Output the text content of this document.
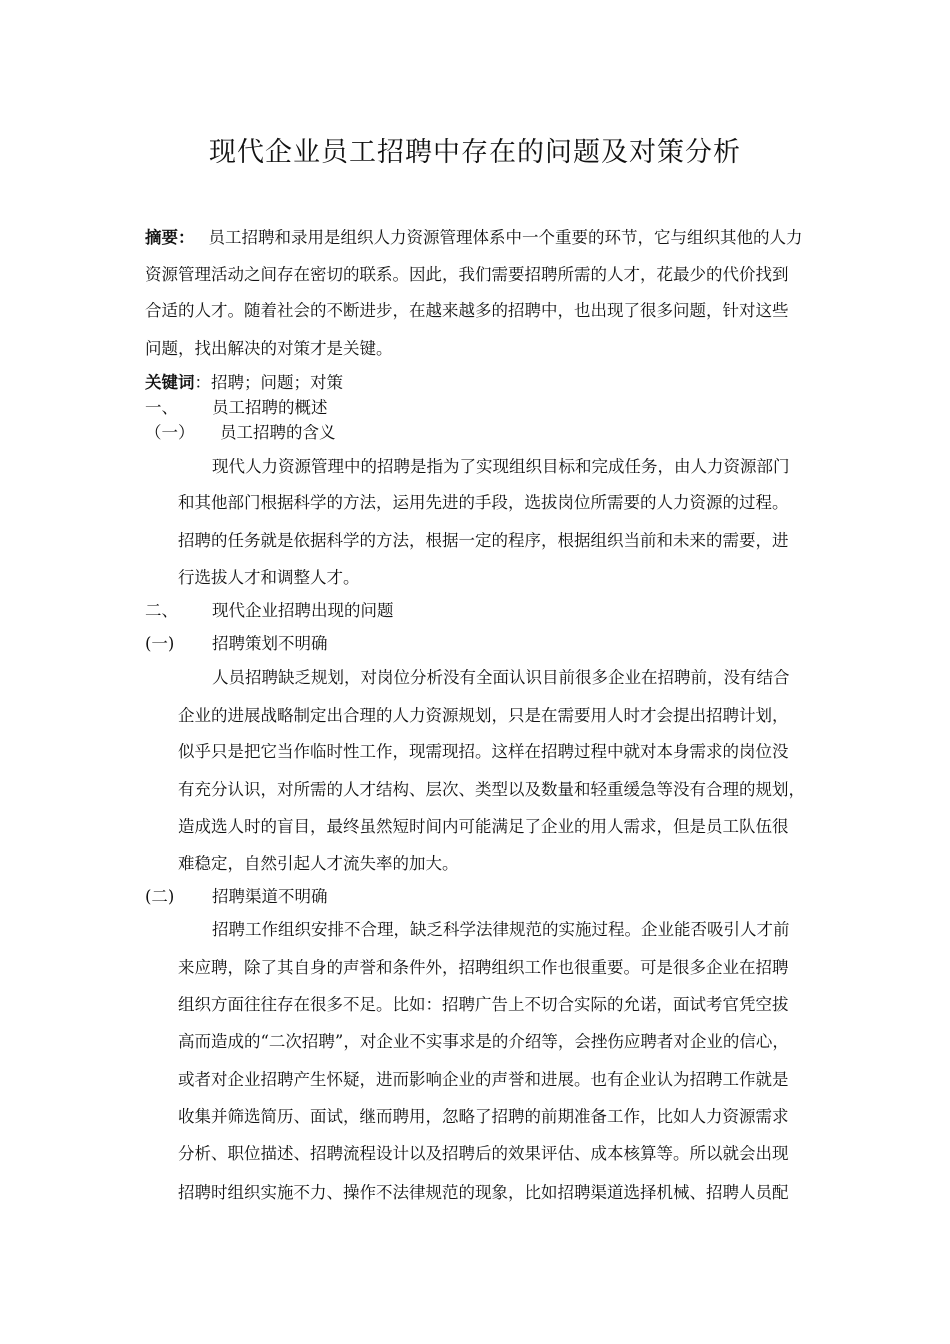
现代企业员工招聘中存在的问题及对策分析
摘要： 员工招聘和录用是组织人力资源管理体系中一个重要的环节，它与组织其他的人力
资源管理活动之间存在密切的联系。因此，我们需要招聘所需的人才，花最少的代价找到
合适的人才。随着社会的不断进步，在越来越多的招聘中，也出现了很多问题，针对这些
问题，找出解决的对策才是关键。
关键词：招聘；问题；对策
一、 员工招聘的概述
（一） 员工招聘的含义
现代人力资源管理中的招聘是指为了实现组织目标和完成任务，由人力资源部门
和其他部门根据科学的方法，运用先进的手段，选拔岗位所需要的人力资源的过程。
招聘的任务就是依据科学的方法，根据一定的程序，根据组织当前和未来的需要，进
行选拔人才和调整人才。
二、 现代企业招聘出现的问题
(一) 招聘策划不明确
人员招聘缺乏规划，对岗位分析没有全面认识目前很多企业在招聘前，没有结合
企业的进展战略制定出合理的人力资源规划，只是在需要用人时才会提出招聘计划，
似乎只是把它当作临时性工作，现需现招。这样在招聘过程中就对本身需求的岗位没
有充分认识，对所需的人才结构、层次、类型以及数量和轻重缓急等没有合理的规划，
造成选人时的盲目，最终虽然短时间内可能满足了企业的用人需求，但是员工队伍很
难稳定，自然引起人才流失率的加大。
(二) 招聘渠道不明确
招聘工作组织安排不合理，缺乏科学法律规范的实施过程。企业能否吸引人才前
来应聘，除了其自身的声誉和条件外，招聘组织工作也很重要。可是很多企业在招聘
组织方面往往存在很多不足。比如：招聘广告上不切合实际的允诺，面试考官凭空拔
高而造成的“二次招聘”，对企业不实事求是的介绍等，会挫伤应聘者对企业的信心，
或者对企业招聘产生怀疑，进而影响企业的声誉和进展。也有企业认为招聘工作就是
收集并筛选简历、面试，继而聘用，忽略了招聘的前期准备工作，比如人力资源需求
分析、职位描述、招聘流程设计以及招聘后的效果评估、成本核算等。所以就会出现
招聘时组织实施不力、操作不法律规范的现象，比如招聘渠道选择机械、招聘人员配
